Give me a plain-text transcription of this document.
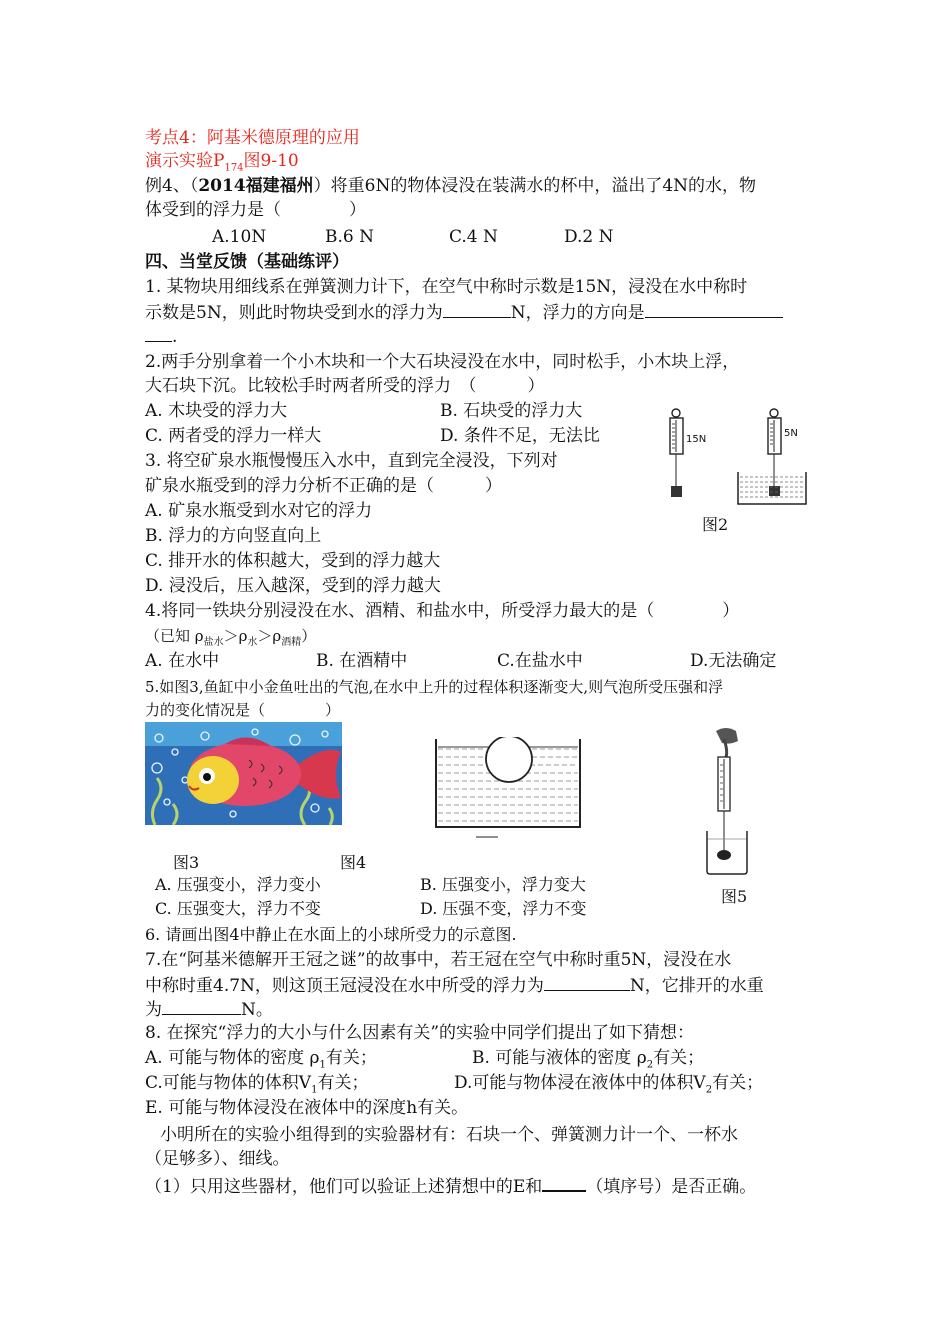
考点4：阿基米德原理的应用
演示实验$P_{174}$图9-10
例4、（2014福建福州）将重6N的物体浸没在装满水的杯中，溢出了4N的水，物
体受到的浮力是（　　　　）
A.10N	B.6 N	C.4 N	D.2 N
四、当堂反馈（基础练评）
1. 某物块用细线系在弹簧测力计下，在空气中称时示数是15N，浸没在水中称时
示数是5N，则此时物块受到水的浮力为	N，浮力的方向是
.
2.两手分别拿着一个小木块和一个大石块浸没在水中，同时松手，小木块上浮，
大石块下沉。比较松手时两者所受的浮力　（　　　）
A. 木块受的浮力大	B. 石块受的浮力大
C. 两者受的浮力一样大	D. 条件不足，无法比
3. 将空矿泉水瓶慢慢压入水中，直到完全浸没，下列对
矿泉水瓶受到的浮力分析不正确的是（　　　）
A. 矿泉水瓶受到水对它的浮力
B. 浮力的方向竖直向上
C. 排开水的体积越大，受到的浮力越大
D. 浸没后，压入越深，受到的浮力越大
15N
5N
图2
4.将同一铁块分别浸没在水、酒精、和盐水中，所受浮力最大的是（　　　　）
（已知 $\rho_{盐水}>\rho_水>\rho_{酒精}$）
A. 在水中	B. 在酒精中	C.在盐水中	D.无法确定
5.如图3,鱼缸中小金鱼吐出的气泡,在水中上升的过程体积逐渐变大,则气泡所受压强和浮
力的变化情况是（　　　　）
图3	图4
图5
A. 压强变小，浮力变小	B. 压强变小，浮力变大
C. 压强变大，浮力不变	D. 压强不变，浮力不变
6. 请画出图4中静止在水面上的小球所受力的示意图.
7.在“阿基米德解开王冠之谜”的故事中，若王冠在空气中称时重5N，浸没在水
中称时重4.7N，则这顶王冠浸没在水中所受的浮力为	N，它排开的水重
为	N。
8. 在探究“浮力的大小与什么因素有关”的实验中同学们提出了如下猜想：
A. 可能与物体的密度 $\rho_1$有关；	B. 可能与液体的密度 $\rho_2$有关；
C.可能与物体的体积$V_1$有关；	D.可能与物体浸在液体中的体积$V_2$有关；
E. 可能与物体浸没在液体中的深度h有关。
小明所在的实验小组得到的实验器材有：石块一个、弹簧测力计一个、一杯水
（足够多）、细线。
（1）只用这些器材，他们可以验证上述猜想中的E和	（填序号）是否正确。
